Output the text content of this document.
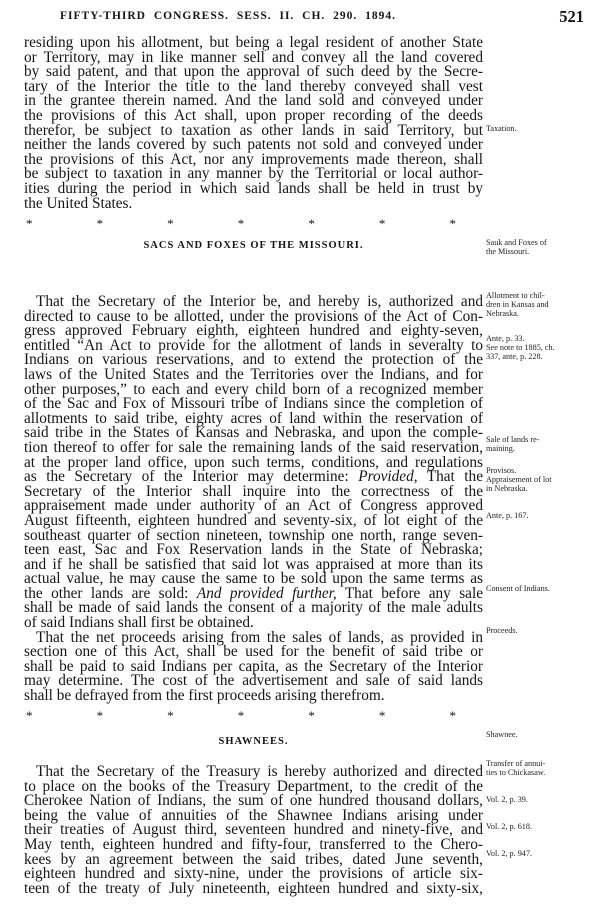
FIFTY-THIRD CONGRESS. SESS. II. CH. 290. 1894.	521
residing upon his allotment, but being a legal resident of another State
or Territory, may in like manner sell and convey all the land covered
by said patent, and that upon the approval of such deed by the Secre-
tary of the Interior the title to the land thereby conveyed shall vest
in the grantee therein named. And the land sold and conveyed under
the provisions of this Act shall, upon proper recording of the deeds
therefor, be subject to taxation as other lands in said Territory, but
neither the lands covered by such patents not sold and conveyed under
the provisions of this Act, nor any improvements made thereon, shall
be subject to taxation in any manner by the Territorial or local author-
ities during the period in which said lands shall be held in trust by
the United States.
*	*	*	*	*	*	*
SACS AND FOXES OF THE MISSOURI.
That the Secretary of the Interior be, and hereby is, authorized and
directed to cause to be allotted, under the provisions of the Act of Con-
gress approved February eighth, eighteen hundred and eighty-seven,
entitled “An Act to provide for the allotment of lands in severalty to
Indians on various reservations, and to extend the protection of the
laws of the United States and the Territories over the Indians, and for
other purposes,” to each and every child born of a recognized member
of the Sac and Fox of Missouri tribe of Indians since the completion of
allotments to said tribe, eighty acres of land within the reservation of
said tribe in the States of Kansas and Nebraska, and upon the comple-
tion thereof to offer for sale the remaining lands of the said reservation,
at the proper land office, upon such terms, conditions, and regulations
as the Secretary of the Interior may determine: Provided, That the
Secretary of the Interior shall inquire into the correctness of the
appraisement made under authority of an Act of Congress approved
August fifteenth, eighteen hundred and seventy-six, of lot eight of the
southeast quarter of section nineteen, township one north, range seven-
teen east, Sac and Fox Reservation lands in the State of Nebraska;
and if he shall be satisfied that said lot was appraised at more than its
actual value, he may cause the same to be sold upon the same terms as
the other lands are sold: And provided further, That before any sale
shall be made of said lands the consent of a majority of the male adults
of said Indians shall first be obtained.
That the net proceeds arising from the sales of lands, as provided in
section one of this Act, shall be used for the benefit of said tribe or
shall be paid to said Indians per capita, as the Secretary of the Interior
may determine. The cost of the advertisement and sale of said lands
shall be defrayed from the first proceeds arising therefrom.
*	*	*	*	*	*	*
SHAWNEES.
That the Secretary of the Treasury is hereby authorized and directed
to place on the books of the Treasury Department, to the credit of the
Cherokee Nation of Indians, the sum of one hundred thousand dollars,
being the value of annuities of the Shawnee Indians arising under
their treaties of August third, seventeen hundred and ninety-five, and
May tenth, eighteen hundred and fifty-four, transferred to the Chero-
kees by an agreement between the said tribes, dated June seventh,
eighteen hundred and sixty-nine, under the provisions of article six-
teen of the treaty of July nineteenth, eighteen hundred and sixty-six,
Taxation.
Sauk and Foxes of
the Missouri.
Allotment to chil-
dren in Kansas and
Nebraska.
Ante, p. 33.
See note to 1885, ch.
337, ante, p. 228.
Sale of lands re-
maining.
Provisos.
Appraisement of lot
in Nebraska.
Ante, p. 167.
Consent of Indians.
Proceeds.
Shawnee.
Transfer of annui-
ties to Chickasaw.
Vol. 2, p. 39.
Vol. 2, p. 618.
Vol. 2, p. 947.
